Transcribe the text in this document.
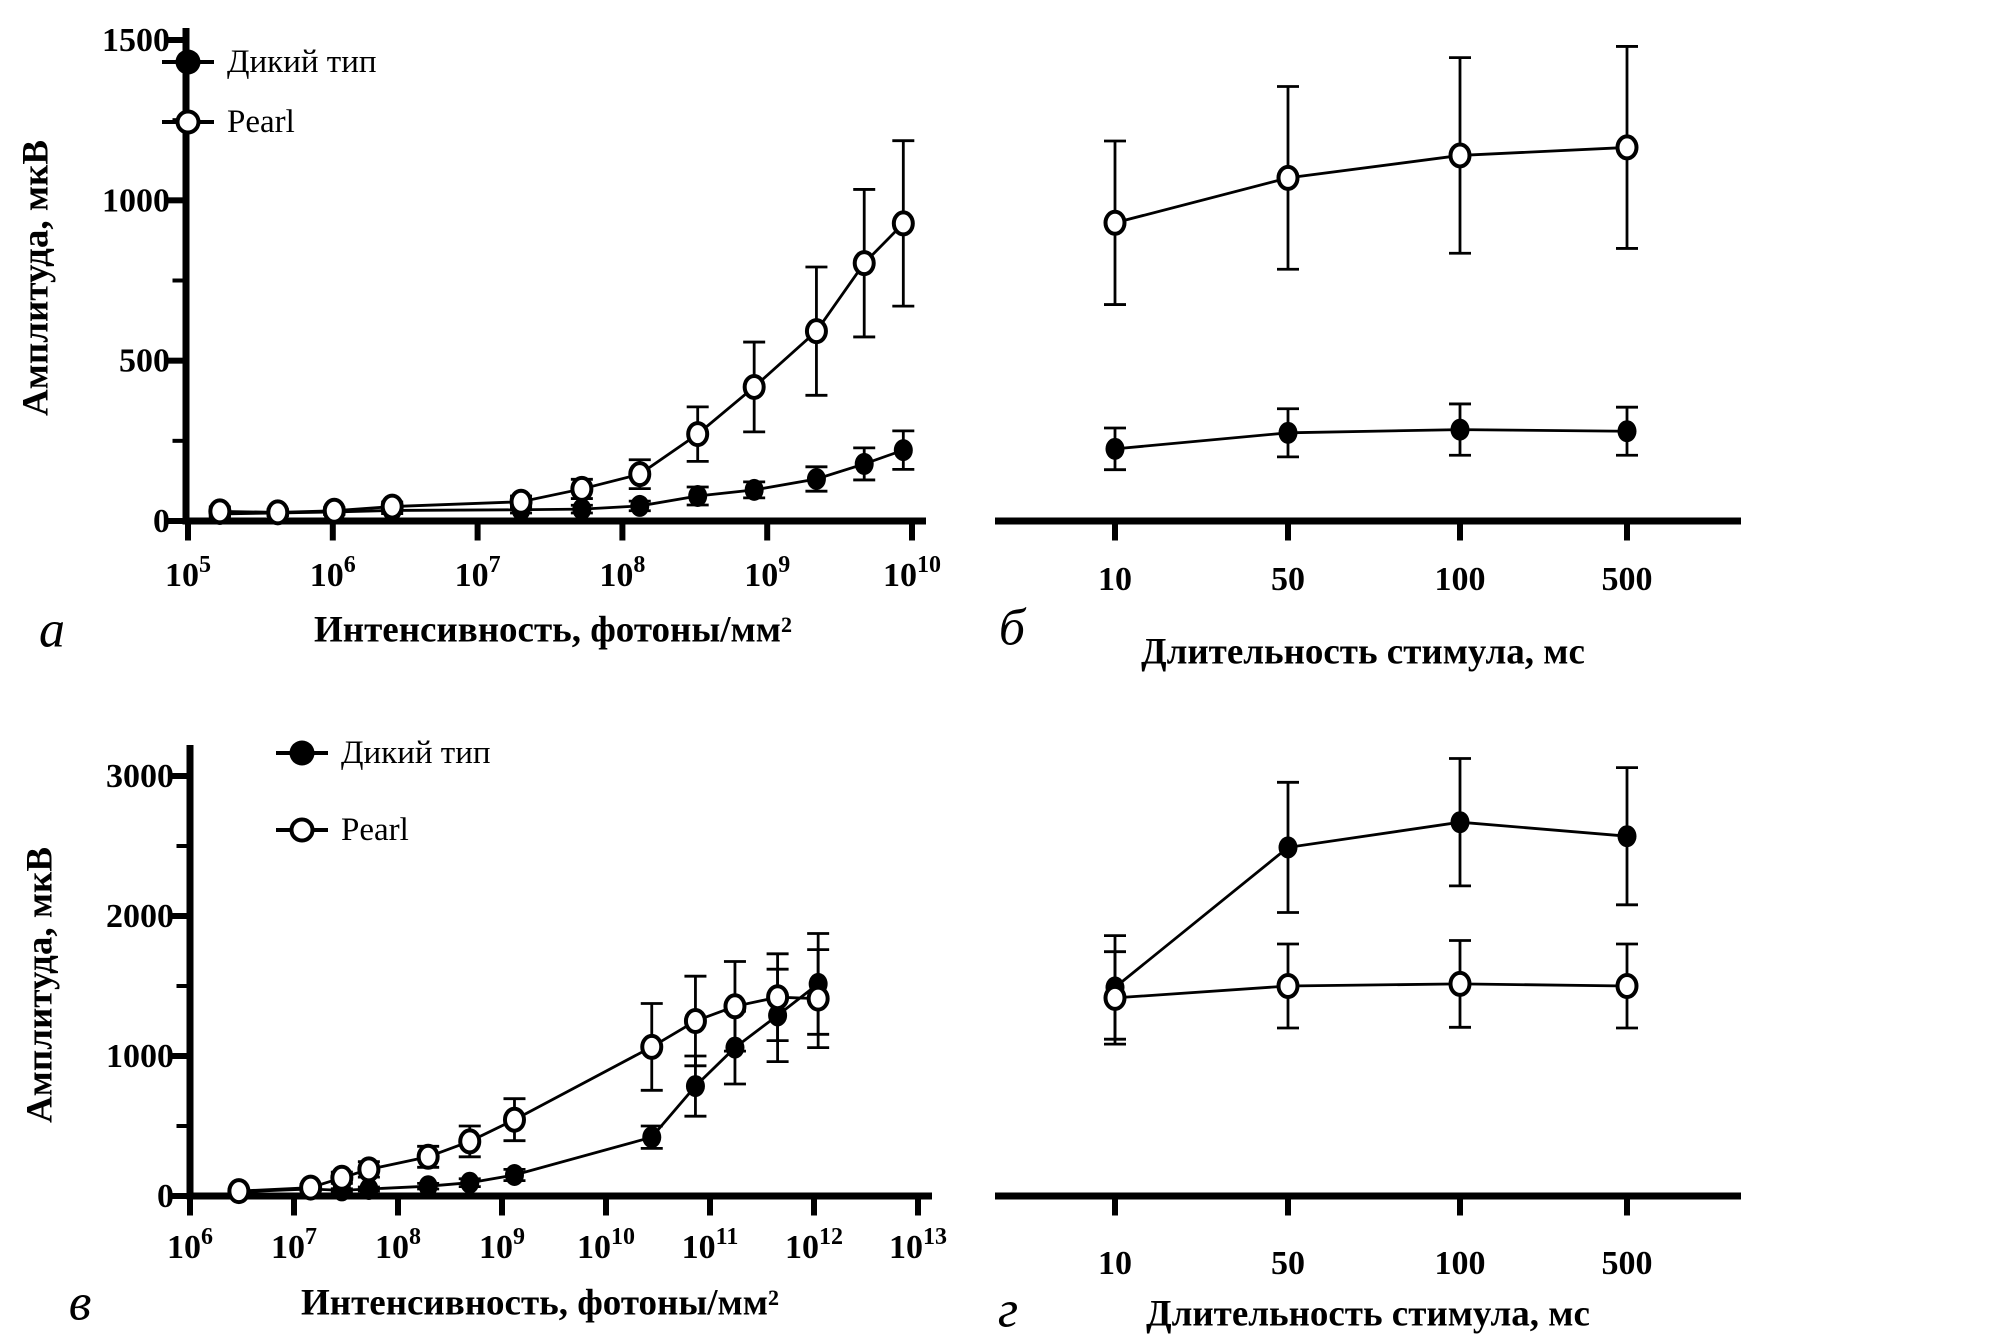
0
500
1000
1500
$10^5$	$10^6$	$10^7$	$10^8$	$10^9$	$10^{10}$	10	50	100	500
0
1000
2000
3000
$10^6$ $10^7$ $10^8$ $10^9$ $10^{10}$ $10^{11}$ $10^{12}$ $10^{13}$
10	50	100	500
Амплитуда, мкВ
Интенсивность, фотоны/мм²
а
Дикий тип
Pearl
Длительность стимула, мс
б
Амплитуда, мкВ
Интенсивность, фотоны/мм²
в
Дикий тип
Pearl
Длительность стимула, мс
г
